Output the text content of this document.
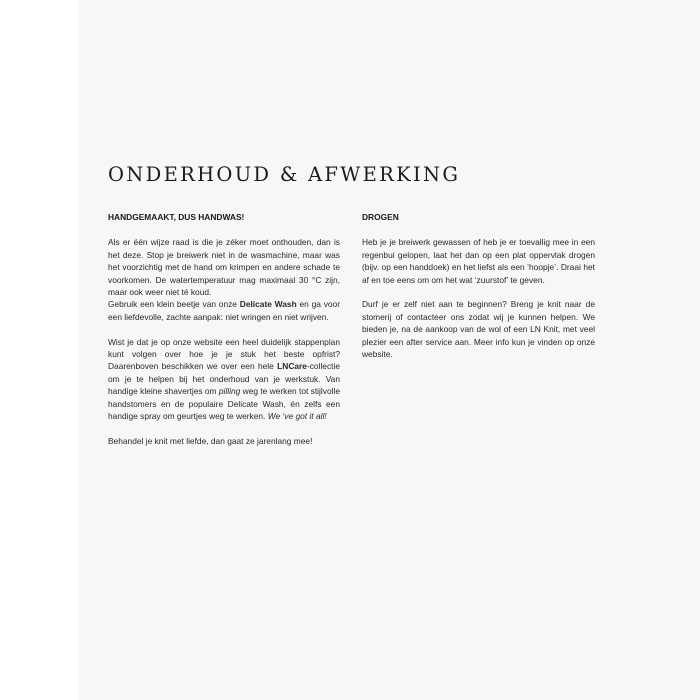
ONDERHOUD & AFWERKING
HANDGEMAAKT, DUS HANDWAS!

Als er één wijze raad is die je zéker moet onthouden, dan is het deze. Stop je breiwerk niet in de wasmachine, maar was het voorzichtig met de hand om krimpen en andere schade te voorkomen. De watertemperatuur mag maximaal 30 °C zijn, maar ook weer niet té koud.

Gebruik een klein beetje van onze Delicate Wash en ga voor een liefdevolle, zachte aanpak: niet wringen en niet wrijven.

Wist je dat je op onze website een heel duidelijk stappenplan kunt volgen over hoe je je stuk het beste opfrist? Daarenboven beschikken we over een hele LNCare-collectie om je te helpen bij het onderhoud van je werkstuk. Van handige kleine shavertjes om pilling weg te werken tot stijlvolle handstomers en de populaire Delicate Wash, én zelfs een handige spray om geurtjes weg te werken. We ‘ve got it all!

Behandel je knit met liefde, dan gaat ze jarenlang mee!

DROGEN

Heb je je breiwerk gewassen of heb je er toevallig mee in een regenbui gelopen, laat het dan op een plat oppervlak drogen (bijv. op een handdoek) en het liefst als een ‘hoopje’. Draai het af en toe eens om om het wat ‘zuurstof’ te geven.

Durf je er zelf niet aan te beginnen? Breng je knit naar de stomerij of contacteer ons zodat wij je kunnen helpen. We bieden je, na de aankoop van de wol of een LN Knit, met veel plezier een after service aan. Meer info kun je vinden op onze website.
